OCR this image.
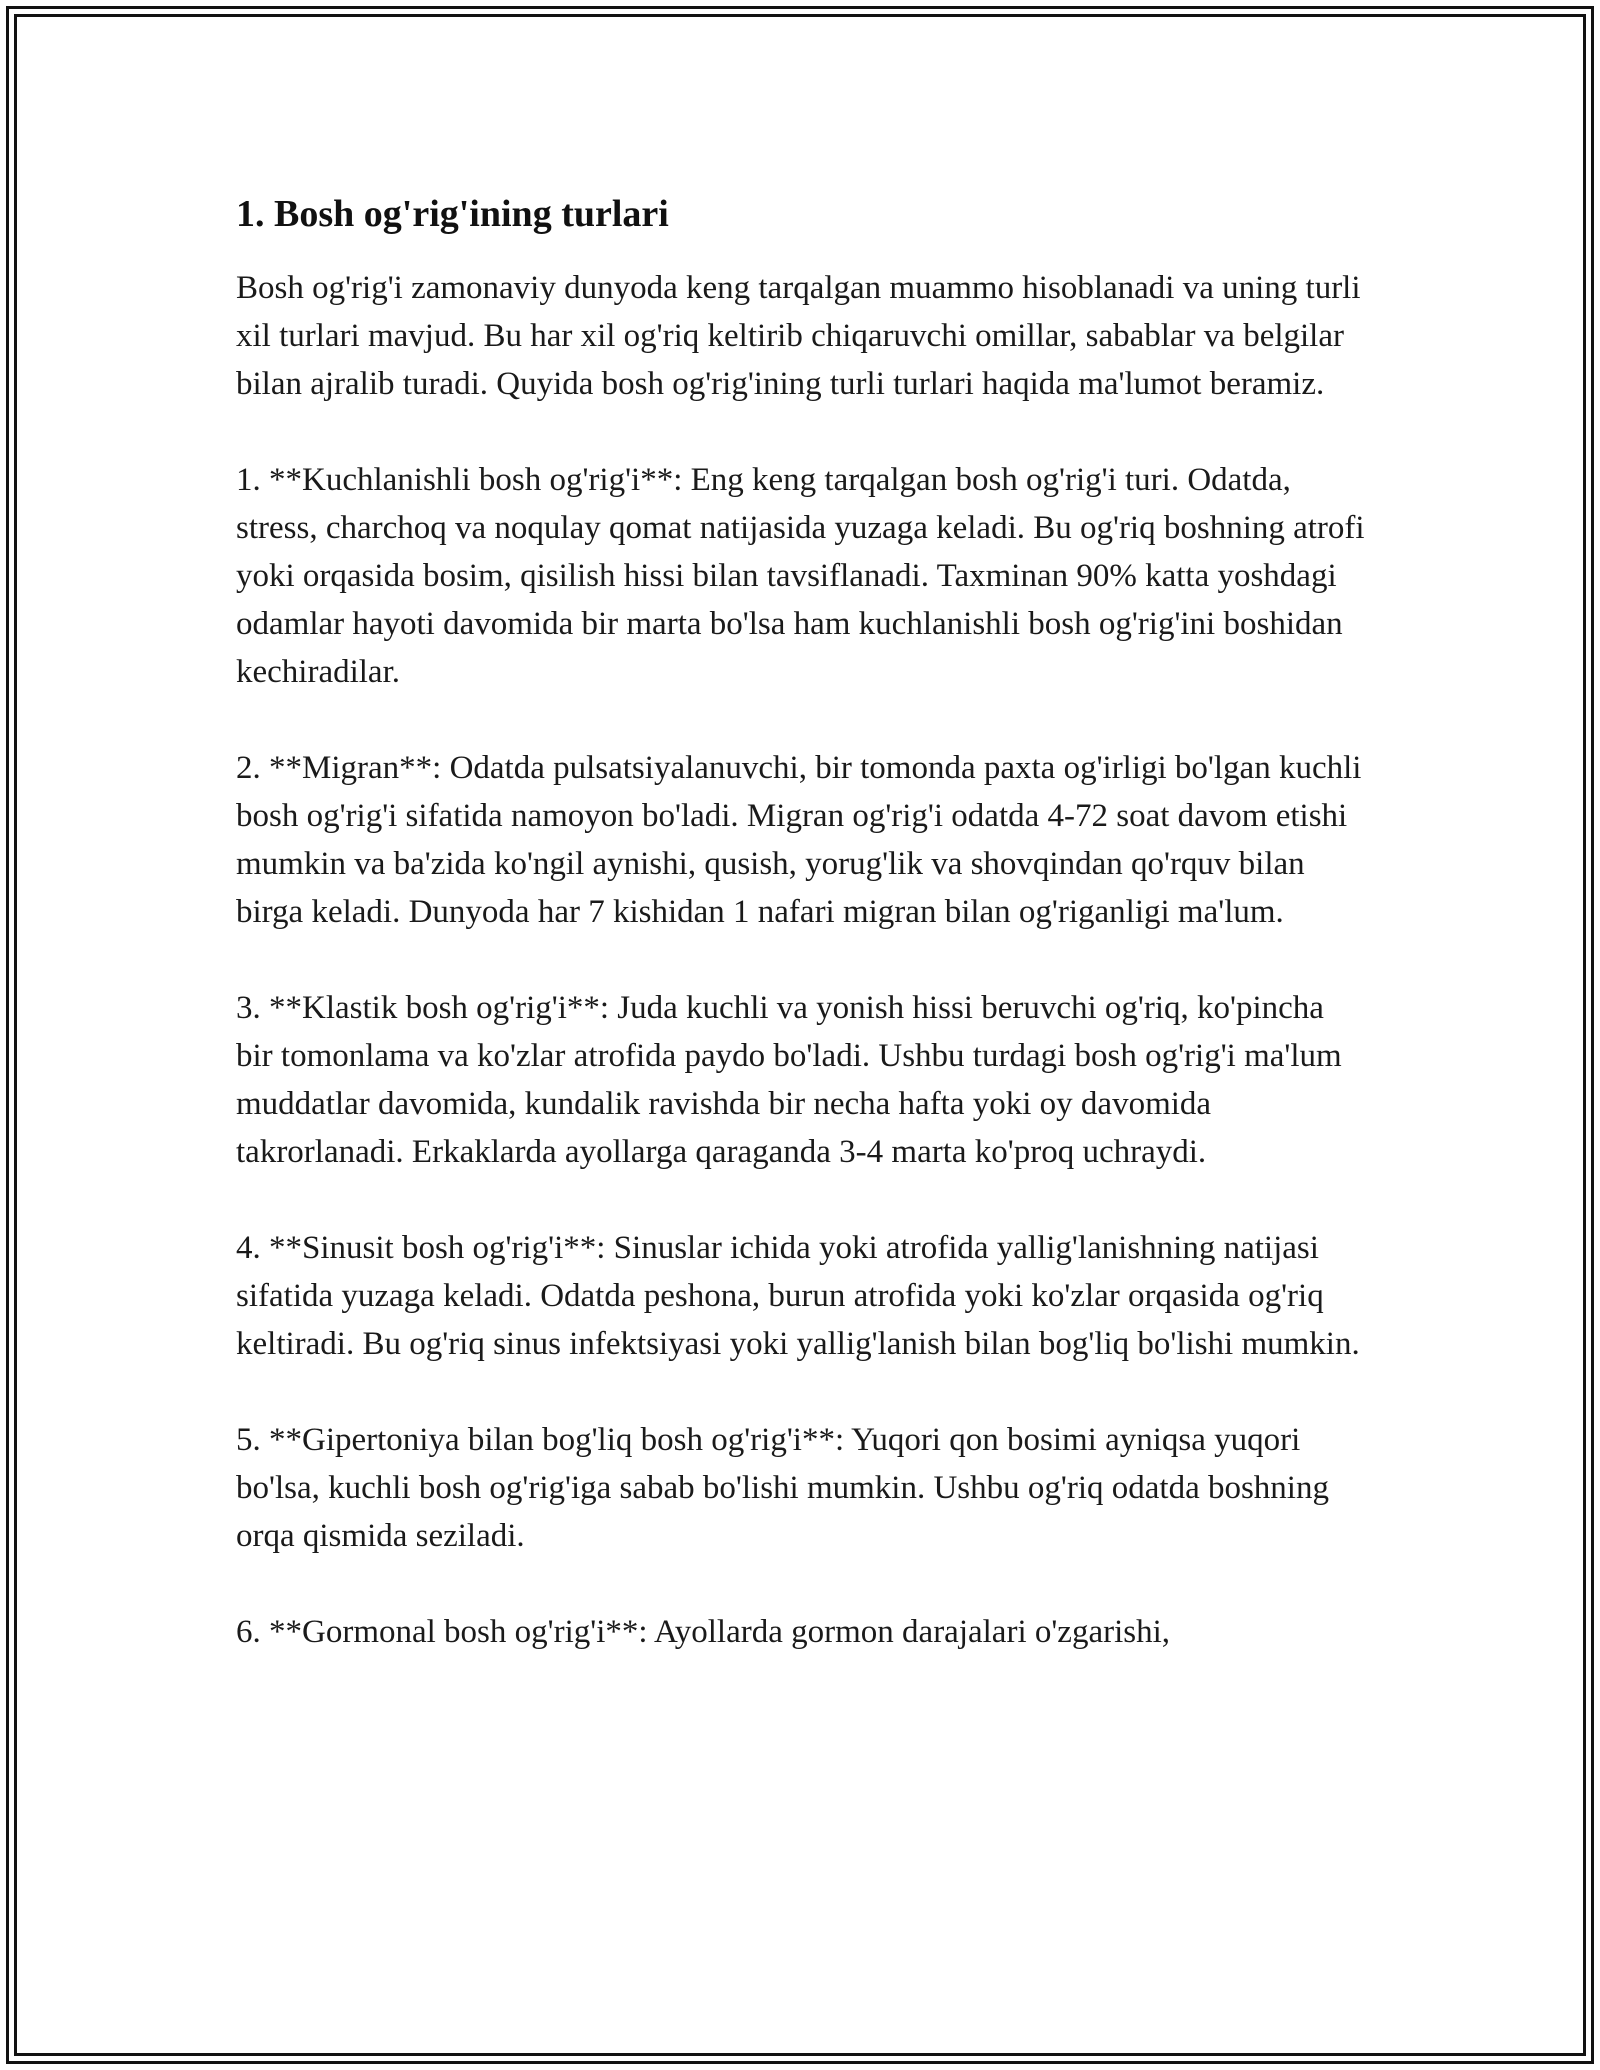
1. Bosh og'rig'ining turlari

Bosh og'rig'i zamonaviy dunyoda keng tarqalgan muammo hisoblanadi va uning turli xil turlari mavjud. Bu har xil og'riq keltirib chiqaruvchi omillar, sabablar va belgilar bilan ajralib turadi. Quyida bosh og'rig'ining turli turlari haqida ma'lumot beramiz.

1. **Kuchlanishli bosh og'rig'i**: Eng keng tarqalgan bosh og'rig'i turi. Odatda, stress, charchoq va noqulay qomat natijasida yuzaga keladi. Bu og'riq boshning atrofi yoki orqasida bosim, qisilish hissi bilan tavsiflanadi. Taxminan 90% katta yoshdagi odamlar hayoti davomida bir marta bo'lsa ham kuchlanishli bosh og'rig'ini boshidan kechiradilar.

2. **Migran**: Odatda pulsatsiyalanuvchi, bir tomonda paxta og'irligi bo'lgan kuchli bosh og'rig'i sifatida namoyon bo'ladi. Migran og'rig'i odatda 4-72 soat davom etishi mumkin va ba'zida ko'ngil aynishi, qusish, yorug'lik va shovqindan qo'rquv bilan birga keladi. Dunyoda har 7 kishidan 1 nafari migran bilan og'riganligi ma'lum.

3. **Klastik bosh og'rig'i**: Juda kuchli va yonish hissi beruvchi og'riq, ko'pincha bir tomonlama va ko'zlar atrofida paydo bo'ladi. Ushbu turdagi bosh og'rig'i ma'lum muddatlar davomida, kundalik ravishda bir necha hafta yoki oy davomida takrorlanadi. Erkaklarda ayollarga qaraganda 3-4 marta ko'proq uchraydi.

4. **Sinusit bosh og'rig'i**: Sinuslar ichida yoki atrofida yallig'lanishning natijasi sifatida yuzaga keladi. Odatda peshona, burun atrofida yoki ko'zlar orqasida og'riq keltiradi. Bu og'riq sinus infektsiyasi yoki yallig'lanish bilan bog'liq bo'lishi mumkin.

5. **Gipertoniya bilan bog'liq bosh og'rig'i**: Yuqori qon bosimi ayniqsa yuqori bo'lsa, kuchli bosh og'rig'iga sabab bo'lishi mumkin. Ushbu og'riq odatda boshning orqa qismida seziladi.

6. **Gormonal bosh og'rig'i**: Ayollarda gormon darajalari o'zgarishi,
